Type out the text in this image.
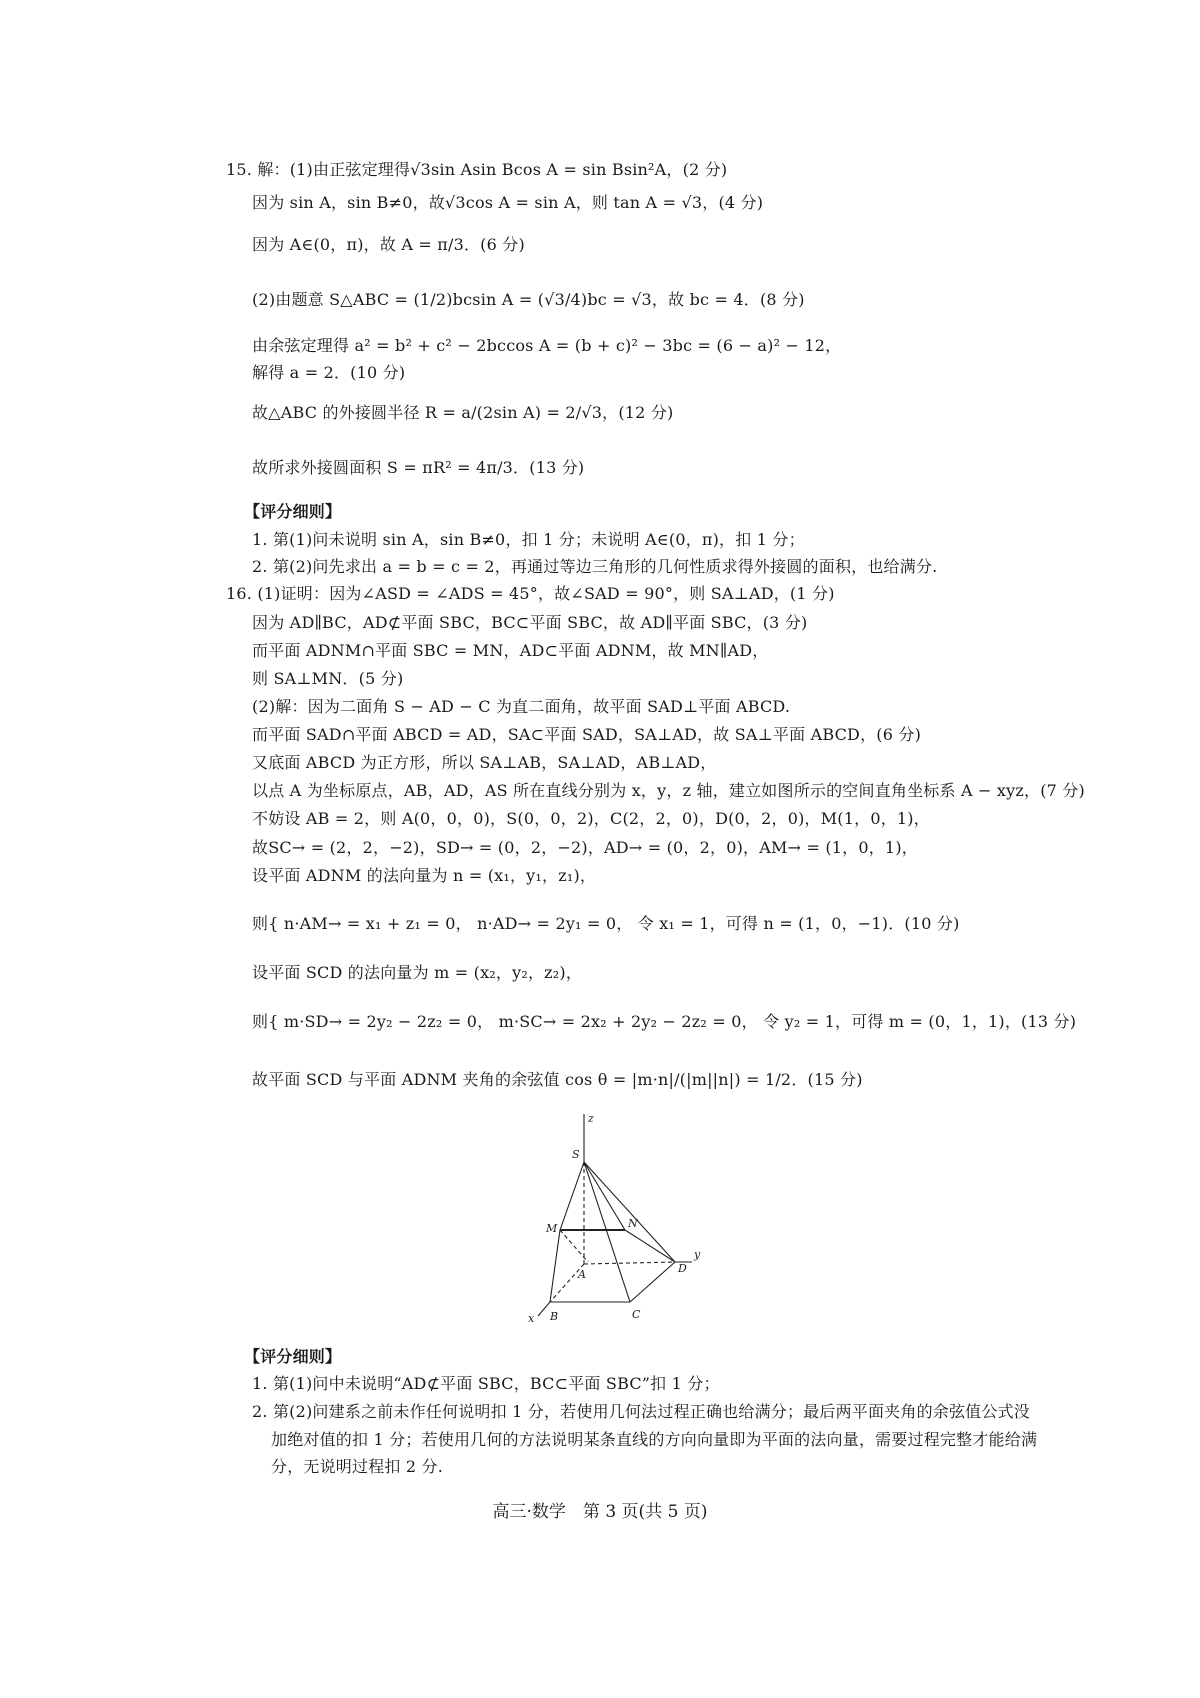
15. 解：(1)由正弦定理得√3sin Asin Bcos A = sin Bsin²A，(2 分)
因为 sin A，sin B≠0，故√3cos A = sin A，则 tan A = √3，(4 分)
因为 A∈(0，π)，故 A = π/3．(6 分)
(2)由题意 S△ABC = (1/2)bcsin A = (√3/4)bc = √3，故 bc = 4．(8 分)
由余弦定理得 a² = b² + c² − 2bccos A = (b + c)² − 3bc = (6 − a)² − 12，
解得 a = 2．(10 分)
故△ABC 的外接圆半径 R = a/(2sin A) = 2/√3，(12 分)
故所求外接圆面积 S = πR² = 4π/3．(13 分)
【评分细则】
1. 第(1)问未说明 sin A，sin B≠0，扣 1 分；未说明 A∈(0，π)，扣 1 分；
2. 第(2)问先求出 a = b = c = 2，再通过等边三角形的几何性质求得外接圆的面积，也给满分.
16. (1)证明：因为∠ASD = ∠ADS = 45°，故∠SAD = 90°，则 SA⊥AD，(1 分)
因为 AD∥BC，AD⊄平面 SBC，BC⊂平面 SBC，故 AD∥平面 SBC，(3 分)
而平面 ADNM∩平面 SBC = MN，AD⊂平面 ADNM，故 MN∥AD，
则 SA⊥MN．(5 分)
(2)解：因为二面角 S − AD − C 为直二面角，故平面 SAD⊥平面 ABCD.
而平面 SAD∩平面 ABCD = AD，SA⊂平面 SAD，SA⊥AD，故 SA⊥平面 ABCD，(6 分)
又底面 ABCD 为正方形，所以 SA⊥AB，SA⊥AD，AB⊥AD，
以点 A 为坐标原点，AB，AD，AS 所在直线分别为 x，y，z 轴，建立如图所示的空间直角坐标系 A − xyz，(7 分)
不妨设 AB = 2，则 A(0，0，0)，S(0，0，2)，C(2，2，0)，D(0，2，0)，M(1，0，1)，
故SC→ = (2，2，−2)，SD→ = (0，2，−2)，AD→ = (0，2，0)，AM→ = (1，0，1)，
设平面 ADNM 的法向量为 n = (x₁，y₁，z₁)，
则{ n·AM→ = x₁ + z₁ = 0， n·AD→ = 2y₁ = 0， 令 x₁ = 1，可得 n = (1，0，−1)．(10 分)
设平面 SCD 的法向量为 m = (x₂，y₂，z₂)，
则{ m·SD→ = 2y₂ − 2z₂ = 0， m·SC→ = 2x₂ + 2y₂ − 2z₂ = 0， 令 y₂ = 1，可得 m = (0，1，1)，(13 分)
故平面 SCD 与平面 ADNM 夹角的余弦值 cos θ = |m·n|/(|m||n|) = 1/2．(15 分)
z
S
M	N
y
A	D
x B	C
【评分细则】
1. 第(1)问中未说明“AD⊄平面 SBC，BC⊂平面 SBC”扣 1 分；
2. 第(2)问建系之前未作任何说明扣 1 分，若使用几何法过程正确也给满分；最后两平面夹角的余弦值公式没
加绝对值的扣 1 分；若使用几何的方法说明某条直线的方向向量即为平面的法向量，需要过程完整才能给满
分，无说明过程扣 2 分.
高三·数学　第 3 页(共 5 页)
